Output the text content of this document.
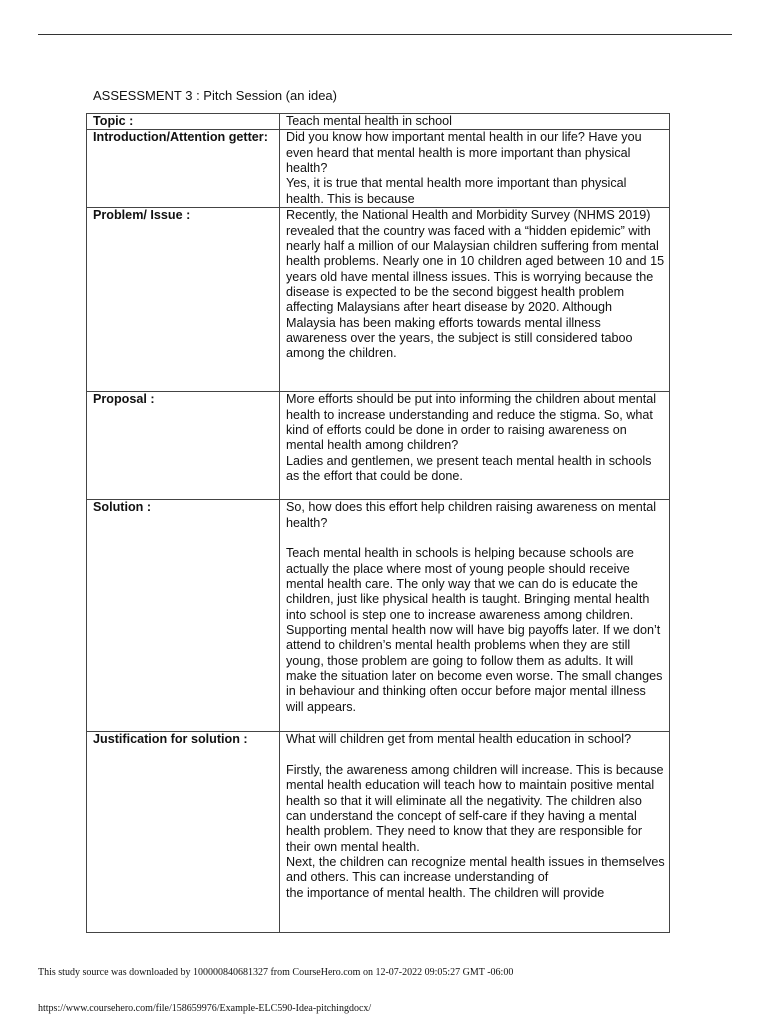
ASSESSMENT 3 : Pitch Session (an idea)
Topic :	Teach mental health in school

Introduction/Attention getter:	Did you know how important mental health in our life? Have you even heard that mental health is more important than physical health?

Yes, it is true that mental health more important than physical health. This is because

Problem/ Issue :	Recently, the National Health and Morbidity Survey (NHMS 2019) revealed that the country was faced with a “hidden epidemic” with nearly half a million of our Malaysian children suffering from mental health problems. Nearly one in 10 children aged between 10 and 15 years old have mental illness issues. This is worrying because the disease is expected to be the second biggest health problem affecting Malaysians after heart disease by 2020. Although Malaysia has been making efforts towards mental illness awareness over the years, the subject is still considered taboo among the children.

Proposal :	More efforts should be put into informing the children about mental health to increase understanding and reduce the stigma. So, what kind of efforts could be done in order to raising awareness on mental health among children?

Ladies and gentlemen, we present teach mental health in schools as the effort that could be done.

Solution :	So, how does this effort help children raising awareness on mental health?

Teach mental health in schools is helping because schools are actually the place where most of young people should receive mental health care. The only way that we can do is educate the children, just like physical health is taught. Bringing mental health into school is step one to increase awareness among children. Supporting mental health now will have big payoffs later. If we don’t attend to children’s mental health problems when they are still young, those problem are going to follow them as adults. It will make the situation later on become even worse. The small changes in behaviour and thinking often occur before major mental illness will appears.

Justification for solution :	What will children get from mental health education in school?

Firstly, the awareness among children will increase. This is because mental health education will teach how to maintain positive mental health so that it will eliminate all the negativity. The children also can understand the concept of self-care if they having a mental health problem. They need to know that they are responsible for their own mental health.

Next, the children can recognize mental health issues in themselves and others. This can increase understanding of

the importance of mental health. The children will provide

This study source was downloaded by 100000840681327 from CourseHero.com on 12-07-2022 09:05:27 GMT -06:00
https://www.coursehero.com/file/158659976/Example-ELC590-Idea-pitchingdocx/
